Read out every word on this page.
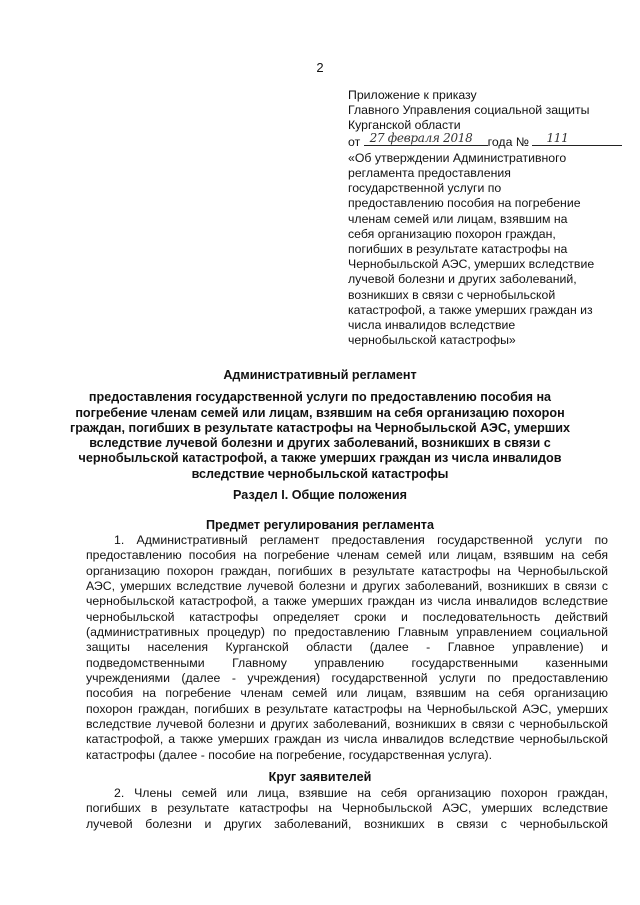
2
Приложение к приказу
Главного Управления социальной защиты
Курганской области
от 27 февраля 2018 года № 111
«Об утверждении Административного
регламента предоставления
государственной услуги по
предоставлению пособия на погребение
членам семей или лицам, взявшим на
себя организацию похорон граждан,
погибших в результате катастрофы на
Чернобыльской АЭС, умерших вследствие
лучевой болезни и других заболеваний,
возникших в связи с чернобыльской
катастрофой, а также умерших граждан из
числа инвалидов вследствие
чернобыльской катастрофы»
Административный регламент
предоставления государственной услуги по предоставлению пособия на
погребение членам семей или лицам, взявшим на себя организацию похорон
граждан, погибших в результате катастрофы на Чернобыльской АЭС, умерших
вследствие лучевой болезни и других заболеваний, возникших в связи с
чернобыльской катастрофой, а также умерших граждан из числа инвалидов
вследствие чернобыльской катастрофы
Раздел I. Общие положения
Предмет регулирования регламента
1. Административный регламент предоставления государственной услуги по
предоставлению пособия на погребение членам семей или лицам, взявшим на себя
организацию похорон граждан, погибших в результате катастрофы на Чернобыльской
АЭС, умерших вследствие лучевой болезни и других заболеваний, возникших в связи с
чернобыльской катастрофой, а также умерших граждан из числа инвалидов вследствие
чернобыльской катастрофы определяет сроки и последовательность действий
(административных процедур) по предоставлению Главным управлением социальной
защиты населения Курганской области (далее - Главное управление) и
подведомственными Главному управлению государственными казенными
учреждениями (далее - учреждения) государственной услуги по предоставлению
пособия на погребение членам семей или лицам, взявшим на себя организацию
похорон граждан, погибших в результате катастрофы на Чернобыльской АЭС, умерших
вследствие лучевой болезни и других заболеваний, возникших в связи с чернобыльской
катастрофой, а также умерших граждан из числа инвалидов вследствие чернобыльской
катастрофы (далее - пособие на погребение, государственная услуга).
Круг заявителей
2. Члены семей или лица, взявшие на себя организацию похорон граждан,
погибших в результате катастрофы на Чернобыльской АЭС, умерших вследствие
лучевой болезни и других заболеваний, возникших в связи с чернобыльской
